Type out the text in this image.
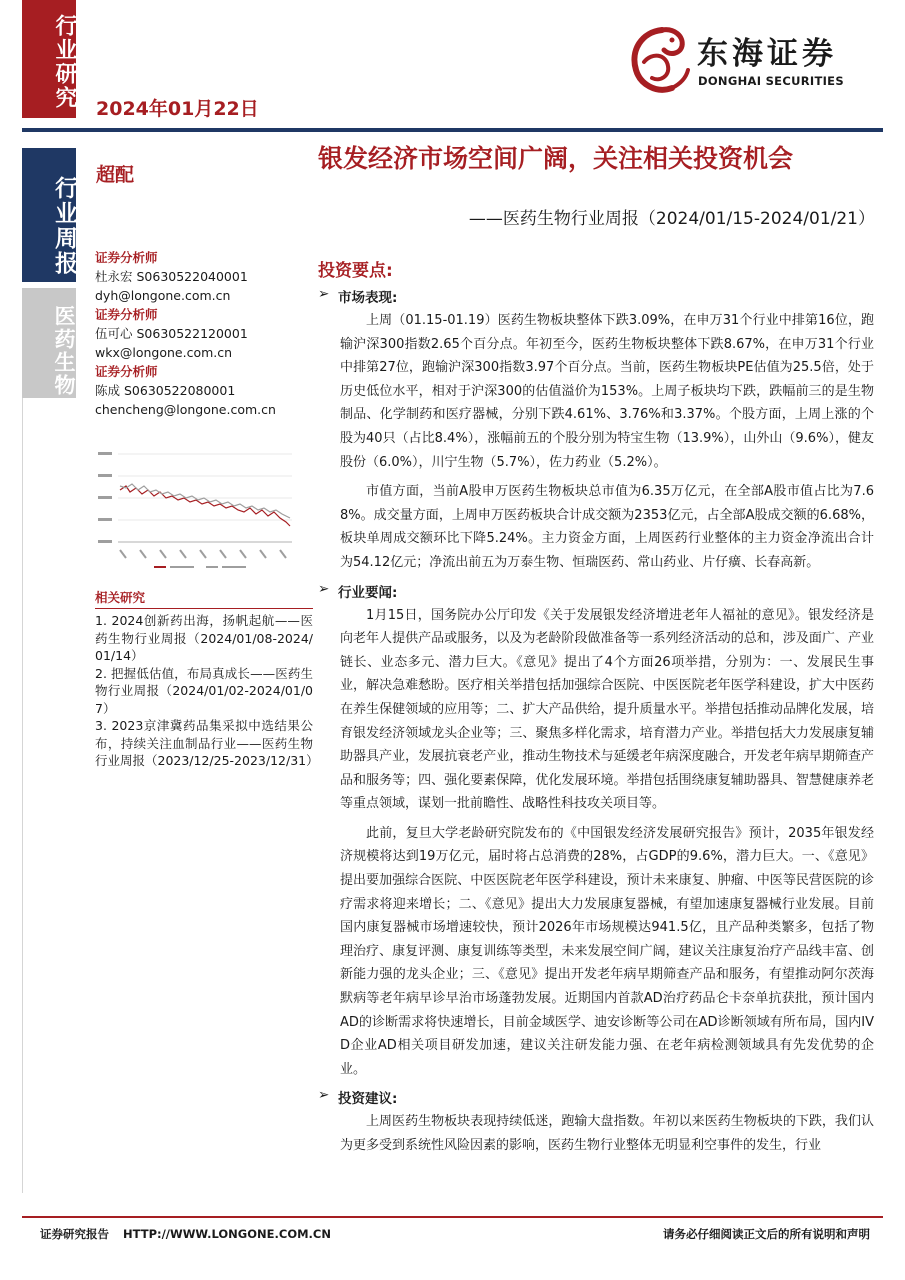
行业研究
行业周报
医药生物
2024年01月22日
东海证券
DONGHAI SECURITIES
超配
银发经济市场空间广阔，关注相关投资机会
——医药生物行业周报（2024/01/15-2024/01/21）
证券分析师
杜永宏 S0630522040001
dyh@longone.com.cn
证券分析师
伍可心 S0630522120001
wkx@longone.com.cn
证券分析师
陈成 S0630522080001
chencheng@longone.com.cn
相关研究
1. 2024创新药出海，扬帆起航——医药生物行业周报（2024/01/08-2024/01/14）
2. 把握低估值，布局真成长——医药生物行业周报（2024/01/02-2024/01/07）
3. 2023京津冀药品集采拟中选结果公布，持续关注血制品行业——医药生物行业周报（2023/12/25-2023/12/31）
投资要点:
➢ 市场表现:

上周（01.15-01.19）医药生物板块整体下跌3.09%，在申万31个行业中排第16位，跑输沪深300指数2.65个百分点。年初至今，医药生物板块整体下跌8.67%，在申万31个行业中排第27位，跑输沪深300指数3.97个百分点。当前，医药生物板块PE估值为25.5倍，处于历史低位水平，相对于沪深300的估值溢价为153%。上周子板块均下跌，跌幅前三的是生物制品、化学制药和医疗器械，分别下跌4.61%、3.76%和3.37%。个股方面，上周上涨的个股为40只（占比8.4%），涨幅前五的个股分别为特宝生物（13.9%），山外山（9.6%），健友股份（6.0%），川宁生物（5.7%），佐力药业（5.2%）。

市值方面，当前A股申万医药生物板块总市值为6.35万亿元，在全部A股市值占比为7.68%。成交量方面，上周申万医药板块合计成交额为2353亿元，占全部A股成交额的6.68%，板块单周成交额环比下降5.24%。主力资金方面，上周医药行业整体的主力资金净流出合计为54.12亿元；净流出前五为万泰生物、恒瑞医药、常山药业、片仔癀、长春高新。

➢ 行业要闻:

1月15日，国务院办公厅印发《关于发展银发经济增进老年人福祉的意见》。银发经济是向老年人提供产品或服务，以及为老龄阶段做准备等一系列经济活动的总和，涉及面广、产业链长、业态多元、潜力巨大。《意见》提出了4个方面26项举措，分别为：一、发展民生事业，解决急难愁盼。医疗相关举措包括加强综合医院、中医医院老年医学科建设，扩大中医药在养生保健领域的应用等；二、扩大产品供给，提升质量水平。举措包括推动品牌化发展，培育银发经济领域龙头企业等；三、聚焦多样化需求，培育潜力产业。举措包括大力发展康复辅助器具产业，发展抗衰老产业，推动生物技术与延缓老年病深度融合，开发老年病早期筛查产品和服务等；四、强化要素保障，优化发展环境。举措包括围绕康复辅助器具、智慧健康养老等重点领域，谋划一批前瞻性、战略性科技攻关项目等。

此前，复旦大学老龄研究院发布的《中国银发经济发展研究报告》预计，2035年银发经济规模将达到19万亿元，届时将占总消费的28%，占GDP的9.6%，潜力巨大。一、《意见》提出要加强综合医院、中医医院老年医学科建设，预计未来康复、肿瘤、中医等民营医院的诊疗需求将迎来增长；二、《意见》提出大力发展康复器械，有望加速康复器械行业发展。目前国内康复器械市场增速较快，预计2026年市场规模达941.5亿，且产品种类繁多，包括了物理治疗、康复评测、康复训练等类型，未来发展空间广阔，建议关注康复治疗产品线丰富、创新能力强的龙头企业；三、《意见》提出开发老年病早期筛查产品和服务，有望推动阿尔茨海默病等老年病早诊早治市场蓬勃发展。近期国内首款AD治疗药品仑卡奈单抗获批，预计国内AD的诊断需求将快速增长，目前金域医学、迪安诊断等公司在AD诊断领域有所布局，国内IVD企业AD相关项目研发加速，建议关注研发能力强、在老年病检测领域具有先发优势的企业。

➢ 投资建议:

上周医药生物板块表现持续低迷，跑输大盘指数。年初以来医药生物板块的下跌，我们认为更多受到系统性风险因素的影响，医药生物行业整体无明显利空事件的发生，行业

证券研究报告 HTTP://WWW.LONGONE.COM.CN	请务必仔细阅读正文后的所有说明和声明
